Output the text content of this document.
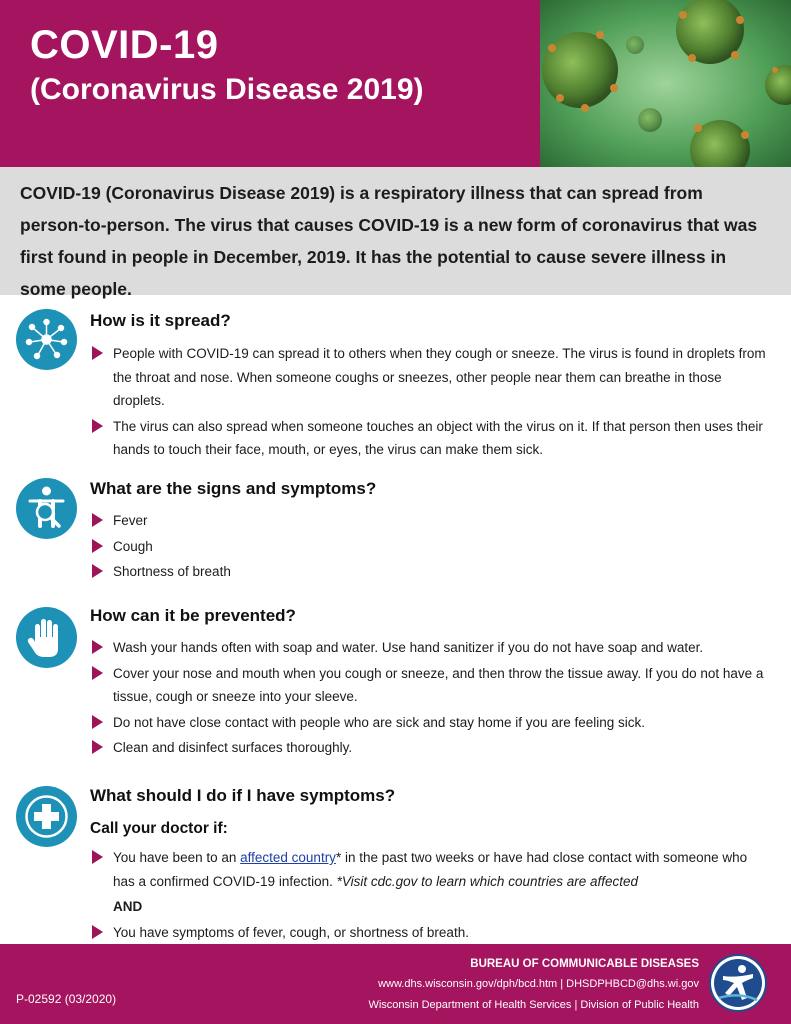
COVID-19
(Coronavirus Disease 2019)

COVID-19 (Coronavirus Disease 2019) is a respiratory illness that can spread from person-to-person. The virus that causes COVID-19 is a new form of coronavirus that was first found in people in December, 2019. It has the potential to cause severe illness in some people.

How is it spread?
People with COVID-19 can spread it to others when they cough or sneeze. The virus is found in droplets from the throat and nose. When someone coughs or sneezes, other people near them can breathe in those droplets.
The virus can also spread when someone touches an object with the virus on it. If that person then uses their hands to touch their face, mouth, or eyes, the virus can make them sick.
What are the signs and symptoms?
Fever
Cough
Shortness of breath
How can it be prevented?
Wash your hands often with soap and water. Use hand sanitizer if you do not have soap and water.
Cover your nose and mouth when you cough or sneeze, and then throw the tissue away. If you do not have a tissue, cough or sneeze into your sleeve.
Do not have close contact with people who are sick and stay home if you are feeling sick.
Clean and disinfect surfaces thoroughly.
What should I do if I have symptoms?
Call your doctor if:
You have been to an affected country* in the past two weeks or have had close contact with someone who has a confirmed COVID-19 infection. *Visit cdc.gov to learn which countries are affected
AND
You have symptoms of fever, cough, or shortness of breath.
P-02592 (03/2020)
BUREAU OF COMMUNICABLE DISEASES
www.dhs.wisconsin.gov/dph/bcd.htm | DHSDPHBCD@dhs.wi.gov
Wisconsin Department of Health Services | Division of Public Health
